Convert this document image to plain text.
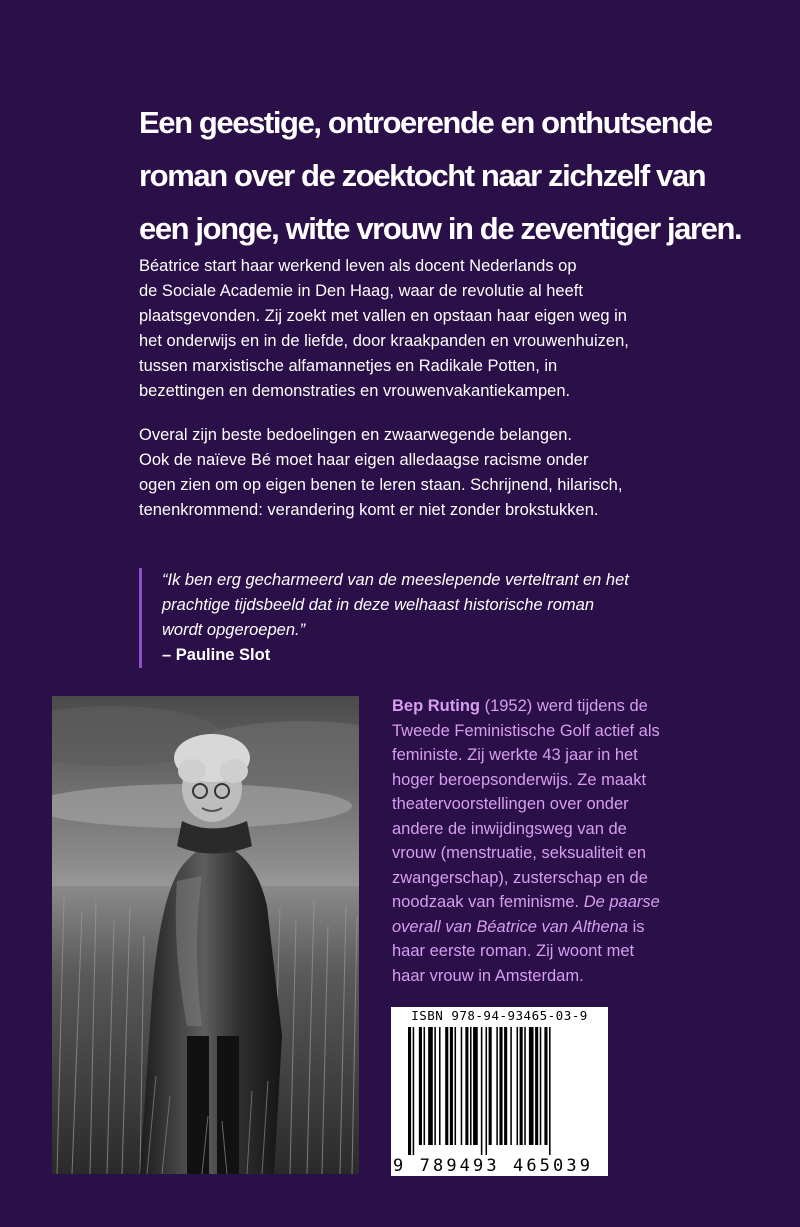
Een geestige, ontroerende en onthutsende
roman over de zoektocht naar zichzelf van
een jonge, witte vrouw in de zeventiger jaren.

Béatrice start haar werkend leven als docent Nederlands op
de Sociale Academie in Den Haag, waar de revolutie al heeft
plaatsgevonden. Zij zoekt met vallen en opstaan haar eigen weg in
het onderwijs en in de liefde, door kraakpanden en vrouwenhuizen,
tussen marxistische alfamannetjes en Radikale Potten, in
bezettingen en demonstraties en vrouwenvakantiekampen.

Overal zijn beste bedoelingen en zwaarwegende belangen.
Ook de naïeve Bé moet haar eigen alledaagse racisme onder
ogen zien om op eigen benen te leren staan. Schrijnend, hilarisch,
tenenkrommend: verandering komt er niet zonder brokstukken.

“Ik ben erg gecharmeerd van de meeslepende verteltrant en het
prachtige tijdsbeeld dat in deze welhaast historische roman
wordt opgeroepen.”
– Pauline Slot
Bep Ruting (1952) werd tijdens de
Tweede Feministische Golf actief als
feministe. Zij werkte 43 jaar in het
hoger beroepsonderwijs. Ze maakt
theatervoorstellingen over onder
andere de inwijdingsweg van de
vrouw (menstruatie, seksualiteit en
zwangerschap), zusterschap en de
noodzaak van feminisme. De paarse
overall van Béatrice van Althena is
haar eerste roman. Zij woont met
haar vrouw in Amsterdam.
ISBN 978-94-93465-03-9
9 789493 465039
